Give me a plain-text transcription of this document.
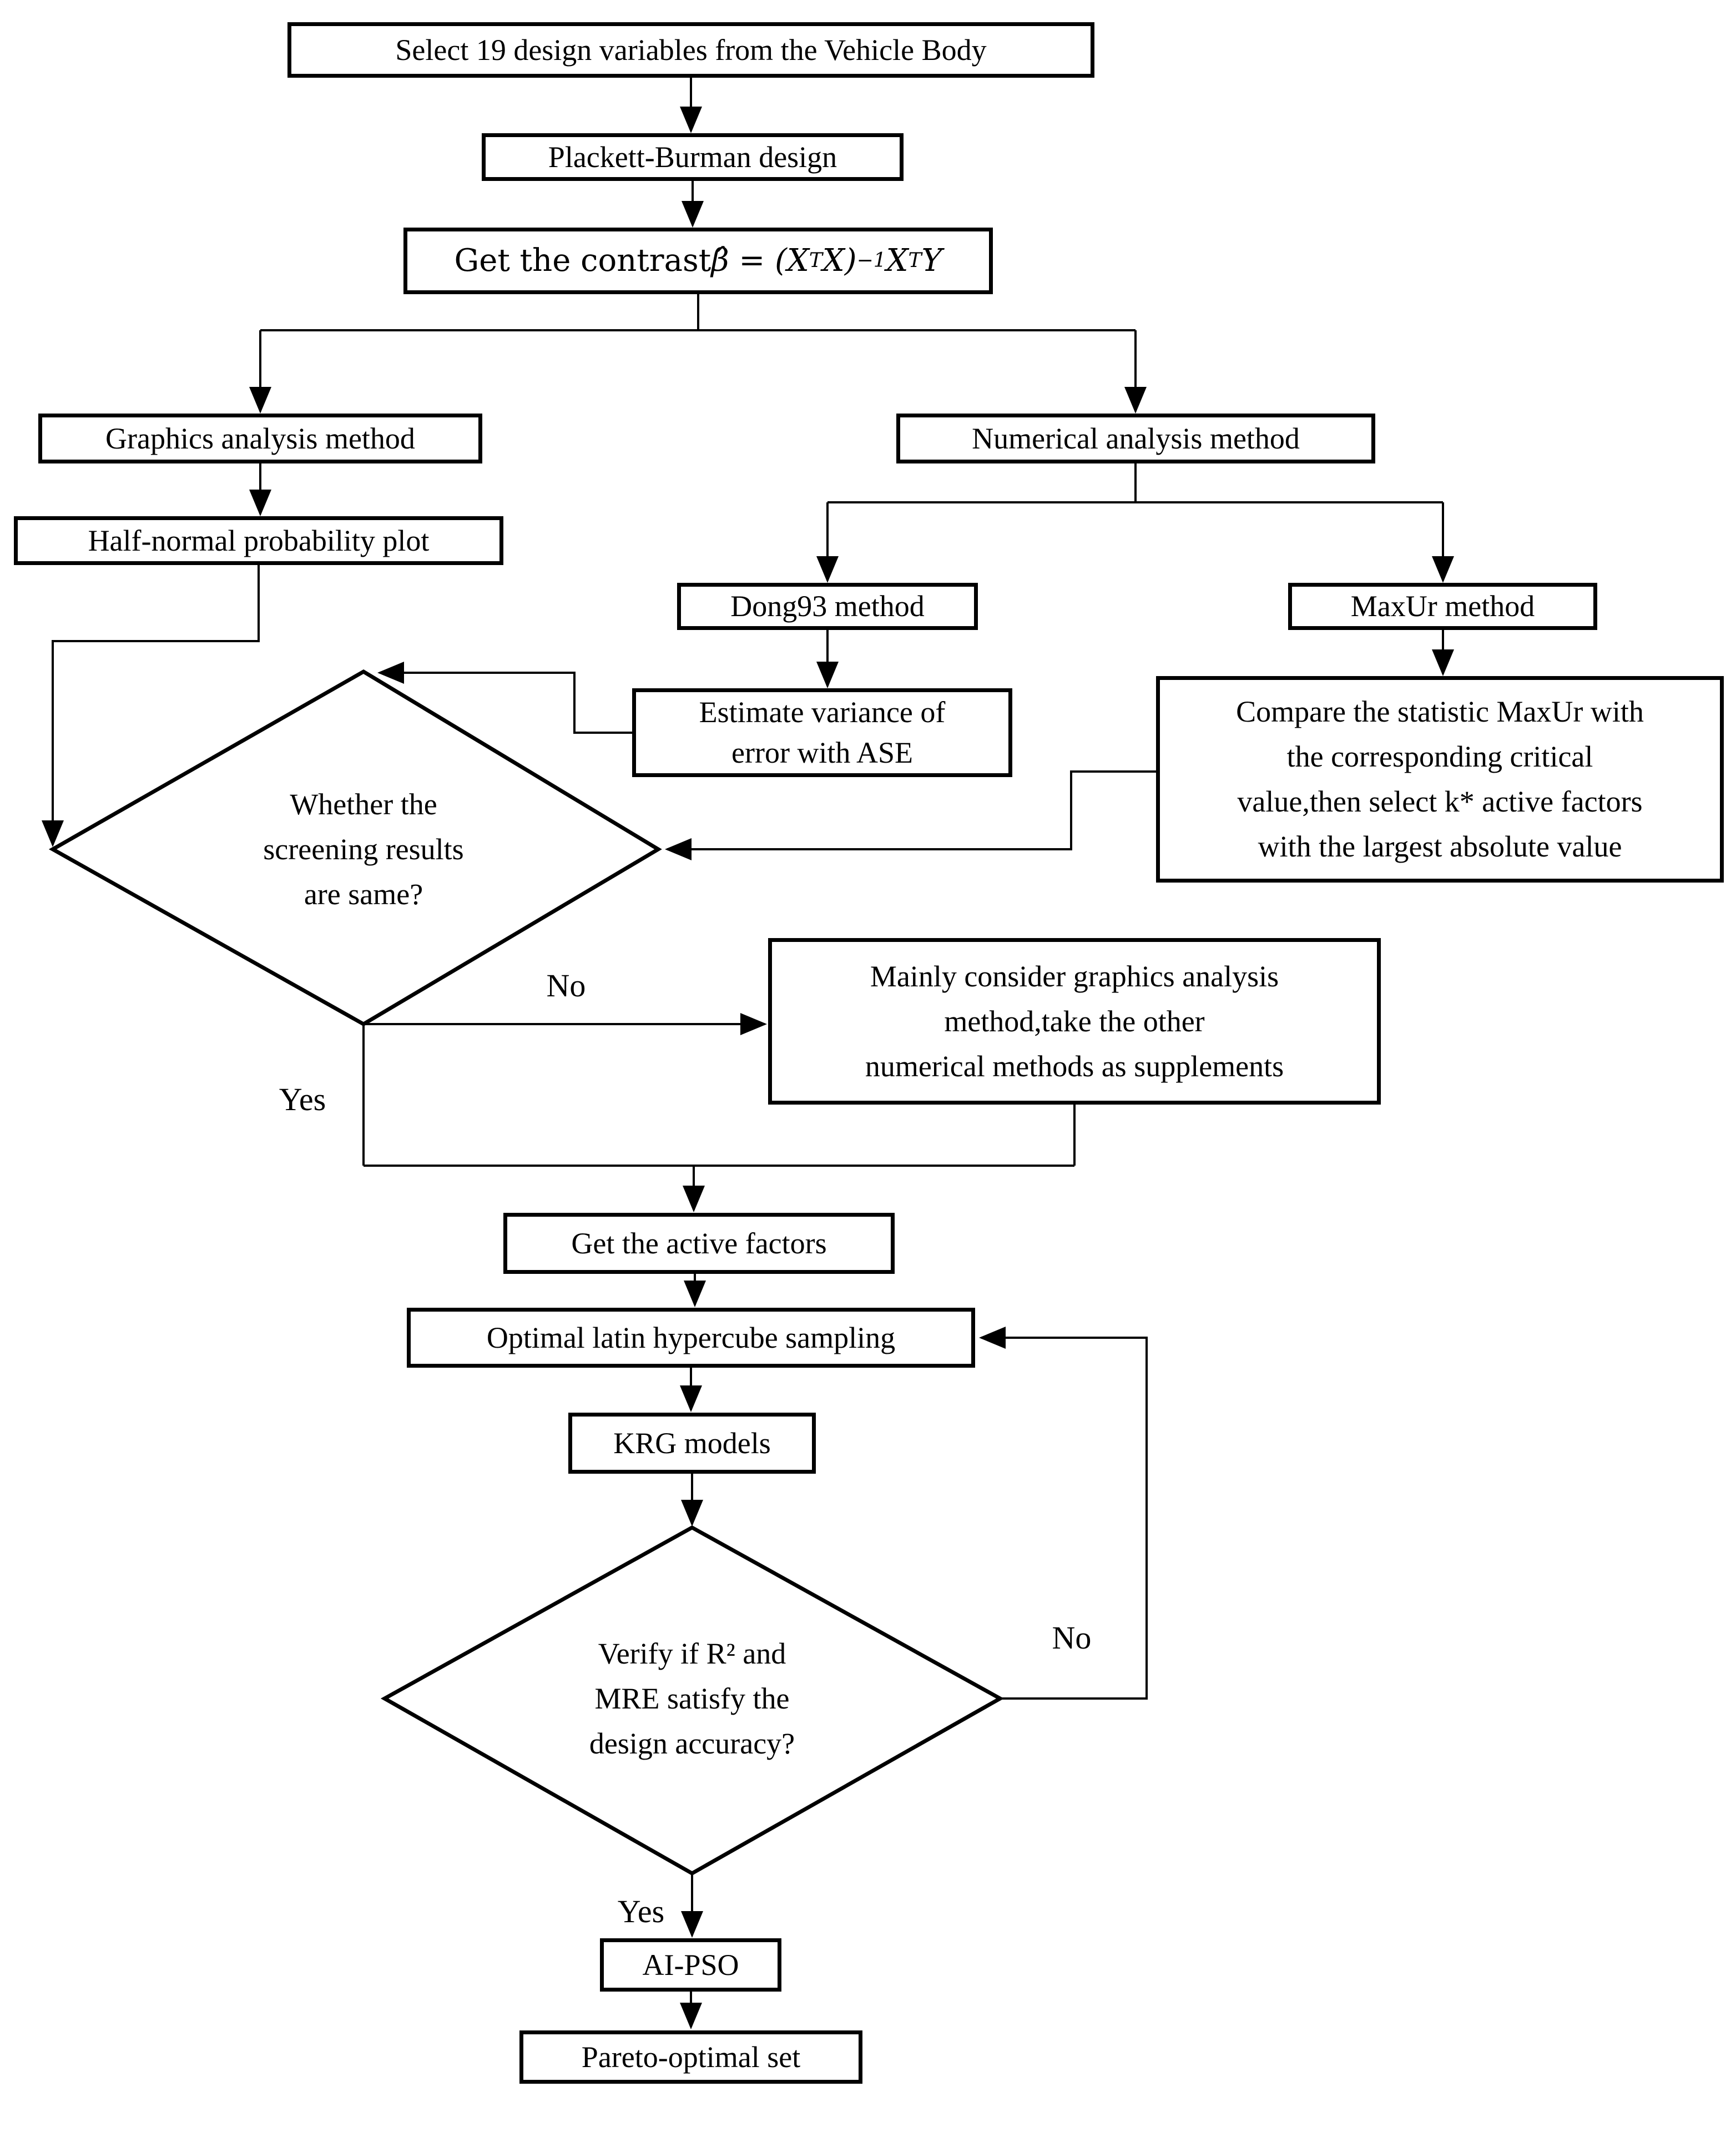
Select 19 design variables from the Vehicle Body
Plackett-Burman design
Get the contrast β̂ = (X T X) −1 X T Y
Graphics analysis method	Numerical analysis method
Half-normal probability plot
Dong93 method	MaxUr method
Estimate variance of
error with ASE
Compare the statistic MaxUr with
the corresponding critical
value,then select k* active factors
with the largest absolute value
Whether the
screening results
are same?
Mainly consider graphics analysis
method,take the other
numerical methods as supplements
Get the active factors
Optimal latin hypercube sampling
KRG models
Verify if R² and
MRE satisfy the
design accuracy?
AI-PSO
Pareto-optimal set
No
Yes
No
Yes
